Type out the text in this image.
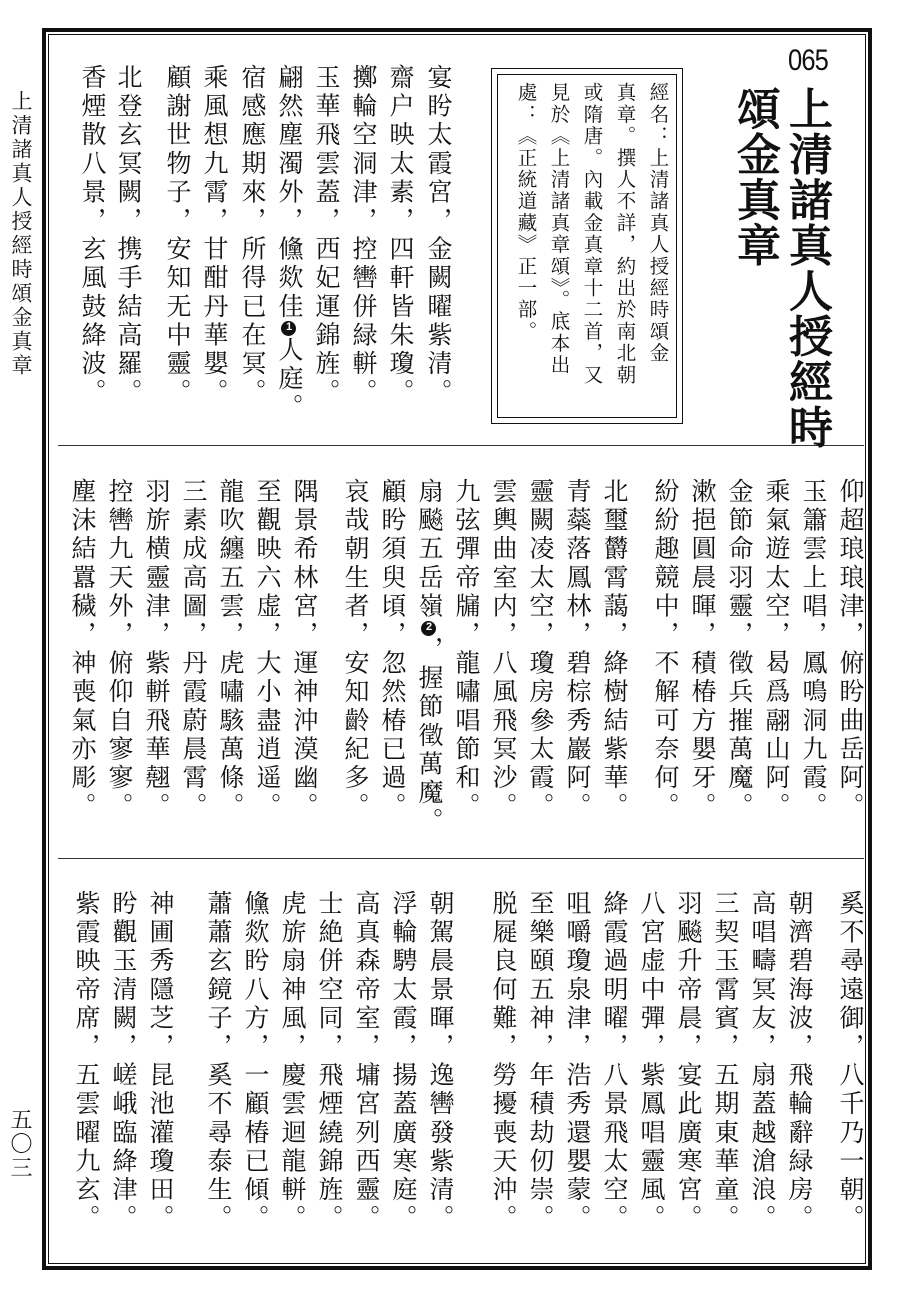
上清諸真人授經時頌金真章
五〇三
065
上清諸真人授經時
頌金真章
經名：上清諸真人授經時頌金
真章。撰人不詳，約出於南北朝
或隋唐。內載金真章十二首，又
見於《上清諸真章頌》。底本出
處：《正統道藏》正一部。
宴盻太霞宮，金闕曜紫清。
齋户映太素，四軒皆朱瓊。
擲輪空洞津，控轡併緑軿。
玉華飛雲蓋，西妃運錦旌。
翩然塵濁外，儵欻佳1人庭。
宿感應期來，所得已在冥。
乘風想九霄，甘酣丹華嬰。
顧謝世物子，安知无中靈。
北登玄冥闕，携手結高羅。
香煙散八景，玄風鼓絳波。
仰超琅琅津，俯盻曲岳阿。
玉簫雲上唱，鳳鳴洞九霞。
乘氣遊太空，曷爲翮山阿。
金節命羽靈，徵兵摧萬魔。
漱挹圓晨暉，積椿方嬰牙。
紛紛趣競中，不解可奈何。
北璽欝霄藹，絳樹結紫華。
青蘂落鳳林，碧棕秀巖阿。
靈闕凌太空，瓊房參太霞。
雲輿曲室内，八風飛冥沙。
九弦彈帝牖，龍嘯唱節和。
扇飈五岳嶺2，握節徵萬魔。
顧盻須臾頃，忽然椿已過。
哀哉朝生者，安知齡紀多。
隅景希林宮，運神沖漠幽。
至觀映六虚，大小盡逍遥。
龍吹纏五雲，虎嘯駭萬條。
三素成高圖，丹霞蔚晨霄。
羽旂横靈津，紫軿飛華翹。
控轡九天外，俯仰自寥寥。
塵沫結囂穢，神喪氣亦彫。
奚不尋遠御，八千乃一朝。
朝濟碧海波，飛輪辭緑房。
高唱疇冥友，扇蓋越滄浪。
三契玉霄賓，五期東華童。
羽飈升帝晨，宴此廣寒宮。
八宮虚中彈，紫鳳唱靈風。
絳霞過明曜，八景飛太空。
咀嚼瓊泉津，浩秀還嬰蒙。
至樂頤五神，年積劫仞崇。
脱屣良何難，勞擾喪天沖。
朝駕晨景暉，逸轡發紫清。
浮輪騁太霞，揚蓋廣寒庭。
高真森帝室，墉宮列西靈。
士絶併空同，飛煙繞錦旌。
虎旂扇神風，慶雲迴龍軿。
儵欻盻八方，一顧椿已傾。
蕭蕭玄鏡子，奚不尋泰生。
神圃秀隱芝，昆池灌瓊田。
盻觀玉清闕，嵯峨臨絳津。
紫霞映帝席，五雲曜九玄。
